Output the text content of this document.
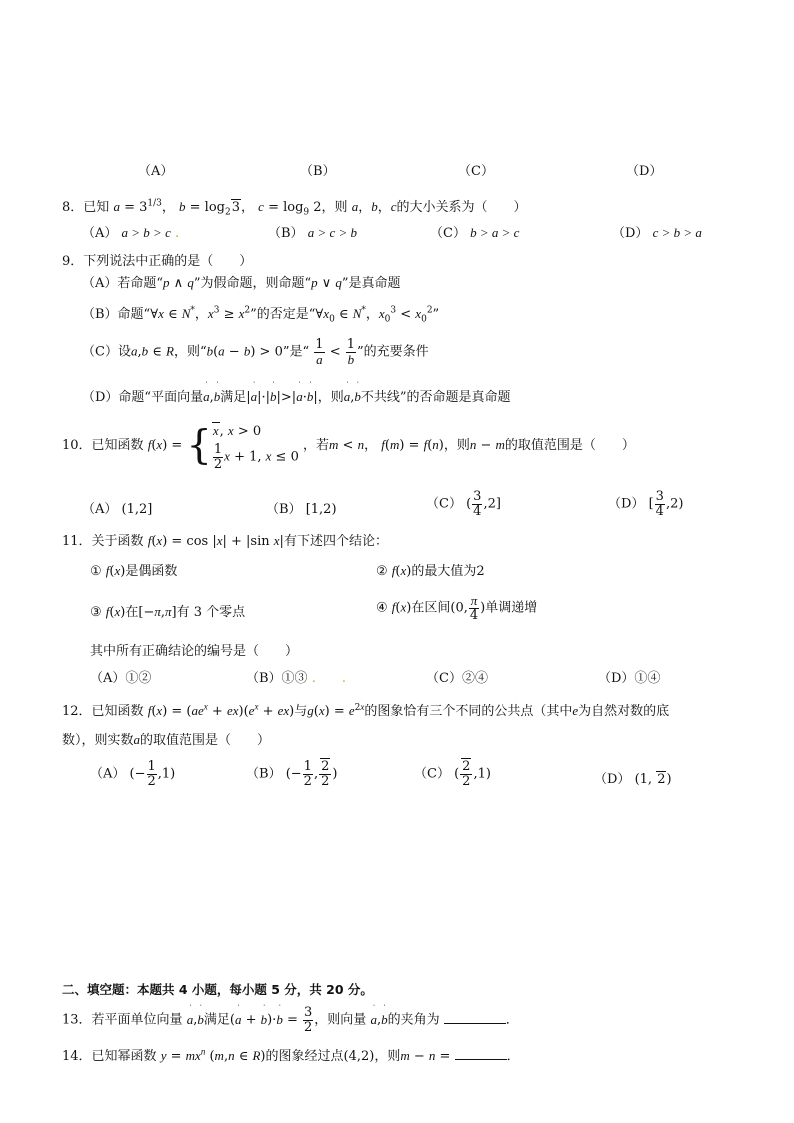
（A）	（B）	（C）	（D）
8．已知 $a = 3^{1/3}$， $b = \log_23$， $c = \log_9 2$，则 a，b，c的大小关系为（　　）
（A） a > b > c .	（B） a > c > b	（C） b > a > c	（D） c > b > a
9．下列说法中正确的是（　　）
（A）若命题“p ∧ q”为假命题，则命题“p ∨ q”是真命题
（B）命题“∀x ∈ N*，$x^3 \ge x^2$”的否定是“$\forall x_0$ ∈ N*，$x_0^3 < x_0^2$”
（C）设a,b ∈ R，则“b(a − b) > 0”是“ $\frac{1}{a} < \frac{1}{b}$ ”的充要条件
（D）命题“平面向量ˈ a,ˈ b满足|ˈ a|·|ˈ b|>|ˈ a·ˈ b|，则ˈ a,ˈ b不共线”的否命题是真命题
10．已知函数 f(x) = { x, x > 0
$\frac{1}{2}$ x + 1, x ≤ 0
，若m < n， f(m) = f(n)，则n − m的取值范围是（　　）
（A） (1,2]	（B） [1,2)	（C） ( $\frac{3}{4} ,2$]	（D） [ $\frac{3}{4} ,2$)
11．关于函数 f(x) = cos |x| + |sin x|有下述四个结论：
① f(x)是偶函数	② f(x)的最大值为2
③ f(x)在[−π,π]有 3 个零点	④ f(x)在区间(0, $\frac{\pi}{4}$ )单调递增
其中所有正确结论的编号是（　　）
（A）①②	（B）①③ .　　 .	（C）②④	（D）①④
12．已知函数 $f(x) = (ae^x + ex)(e^x + ex)$与$g(x) = e^{2x}$的图象恰有三个不同的公共点（其中e为自然对数的底
数），则实数a的取值范围是（　　）
（A） (− $\frac{1}{2} ,1$)	（B） (− $\frac{1}{2}$ , $\frac{2}{2}$ )	（C） ( $\frac{2}{2} ,1$)	（D） (1, 2)
二、填空题：本题共 4 小题，每小题 5 分，共 20 分。
13．若平面单位向量 ˈ a,ˈ b满足(ˈ a + ˈ b)·ˈ $b = \frac{3}{2}$ ，则向量 ˈ a,ˈ b的夹角为	．
14．已知幂函数 $y = mx^n$ (m,n ∈ R)的图象经过点(4,2)，则m − n =	．
